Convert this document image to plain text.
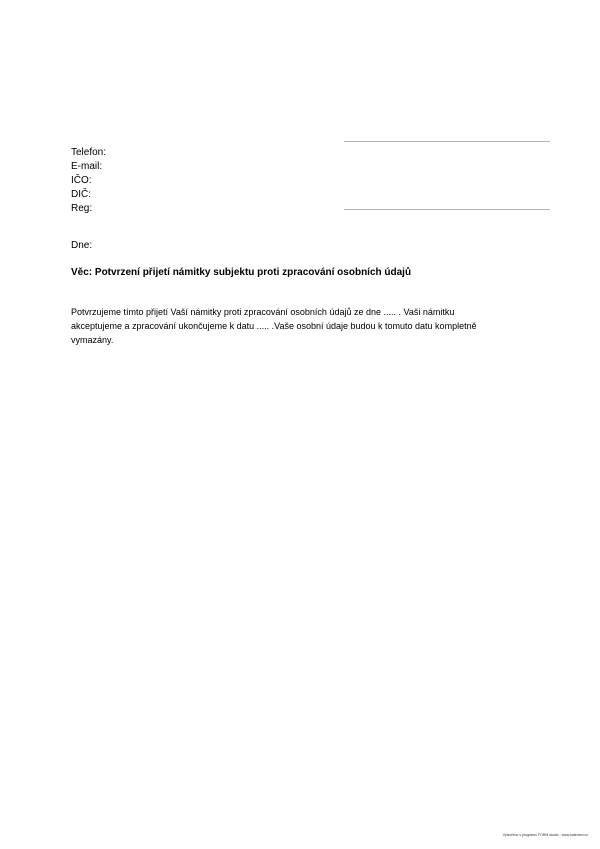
Telefon:
E-mail:
IČO:
DIČ:
Reg:
Dne:
Věc: Potvrzení přijetí námitky subjektu proti zpracování osobních údajů
Potvrzujeme tímto přijetí Vaší námitky proti zpracování osobních údajů ze dne ..... . Vaši námitku
akceptujeme a zpracování ukončujeme k datu ..... .Vaše osobní údaje budou k tomuto datu kompletně
vymazány.
Vytvořeno v programu FORM studio - www.katemeo.cz
